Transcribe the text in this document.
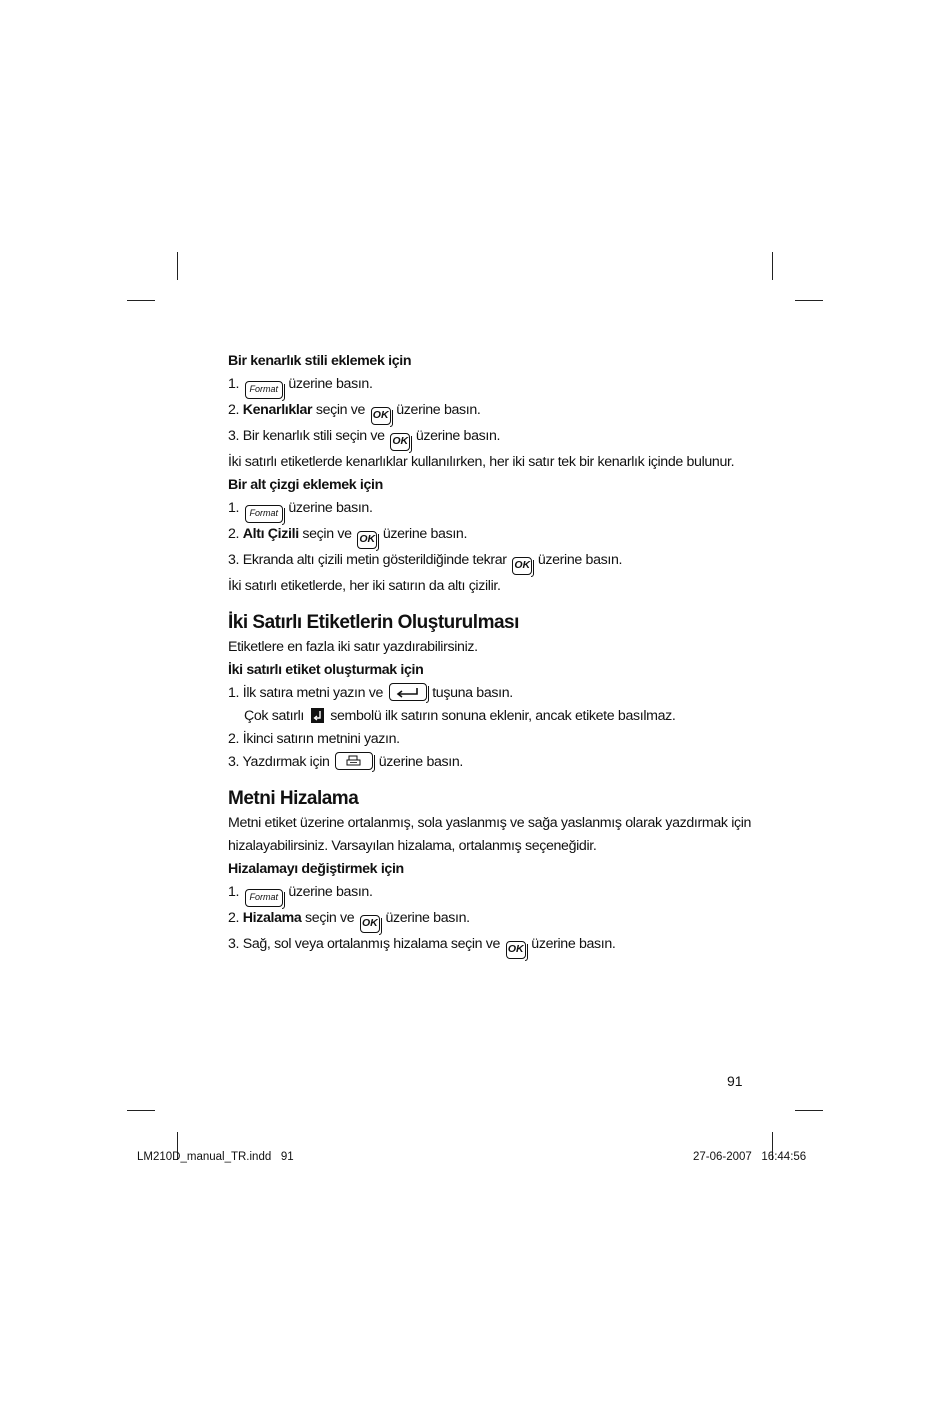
Bir kenarlık stili eklemek için
1. Format üzerine basın.
2. Kenarlıklar seçin ve OK üzerine basın.
3. Bir kenarlık stili seçin ve OK üzerine basın.
İki satırlı etiketlerde kenarlıklar kullanılırken, her iki satır tek bir kenarlık içinde bulunur.
Bir alt çizgi eklemek için
1. Format üzerine basın.
2. Altı Çizili seçin ve OK üzerine basın.
3. Ekranda altı çizili metin gösterildiğinde tekrar OK üzerine basın.
İki satırlı etiketlerde, her iki satırın da altı çizilir.
İki Satırlı Etiketlerin Oluşturulması
Etiketlere en fazla iki satır yazdırabilirsiniz.
İki satırlı etiket oluşturmak için
1. İlk satıra metni yazın ve	tuşuna basın.
Çok satırlı sembolü ilk satırın sonuna eklenir, ancak etikete basılmaz.
2. İkinci satırın metnini yazın.
3. Yazdırmak için	üzerine basın.
Metni Hizalama
Metni etiket üzerine ortalanmış, sola yaslanmış ve sağa yaslanmış olarak yazdırmak için
hizalayabilirsiniz. Varsayılan hizalama, ortalanmış seçeneğidir.
Hizalamayı değiştirmek için
1. Format üzerine basın.
2. Hizalama seçin ve OK üzerine basın.
3. Sağ, sol veya ortalanmış hizalama seçin ve OK üzerine basın.
91
LM210D_manual_TR.indd   91	27-06-2007   16:44:56
